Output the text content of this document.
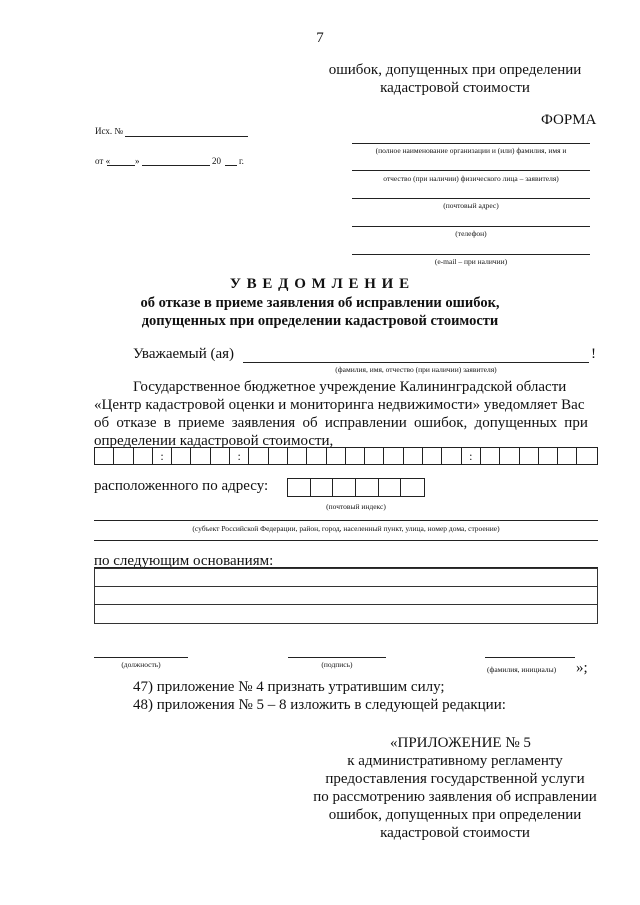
7
ошибок, допущенных при определении
кадастровой стоимости
ФОРМА
Исх. №
от «	»	20 г.
(полное наименование организации и (или) фамилия, имя и
отчество (при наличии) физического лица – заявителя)
(почтовый адрес)
(телефон)
(e-mail – при наличии)
У В Е Д О М Л Е Н И Е
об отказе в приеме заявления об исправлении ошибок,
допущенных при определении кадастровой стоимости
Уважаемый (ая)	!
(фамилия, имя, отчество (при наличии) заявителя)
Государственное бюджетное учреждение Калининградской области
«Центр кадастровой оценки и мониторинга недвижимости» уведомляет Вас
об отказе в приеме заявления об исправлении ошибок, допущенных при
определении кадастровой стоимости,
:	:	:
расположенного по адресу:
(почтовый индекс)
(субъект Российской Федерации, район, город, населенный пункт, улица, номер дома, строение)
по следующим основаниям:
(должность)	(подпись)
(фамилия, инициалы) »;
47) приложение № 4 признать утратившим силу;
48) приложения № 5 – 8 изложить в следующей редакции:
«ПРИЛОЖЕНИЕ № 5
к административному регламенту
предоставления государственной услуги
по рассмотрению заявления об исправлении
ошибок, допущенных при определении
кадастровой стоимости
